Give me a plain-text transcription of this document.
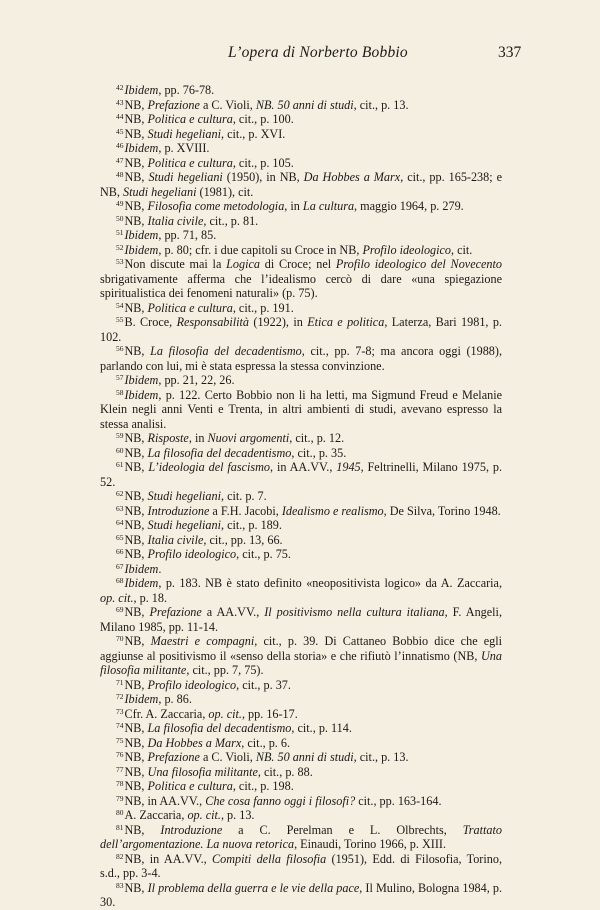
L’opera di Norberto Bobbio	337

$^{42}$Ibidem, pp. 76-78.

$^{43}$NB, Prefazione a C. Violi, NB. 50 anni di studi, cit., p. 13.

$^{44}$NB, Politica e cultura, cit., p. 100.

$^{45}$NB, Studi hegeliani, cit., p. XVI.

$^{46}$Ibidem, p. XVIII.

$^{47}$NB, Politica e cultura, cit., p. 105.

$^{48}$NB, Studi hegeliani (1950), in NB, Da Hobbes a Marx, cit., pp. 165-238; e NB, Studi hegeliani (1981), cit.

$^{49}$NB, Filosofia come metodologia, in La cultura, maggio 1964, p. 279.

$^{50}$NB, Italia civile, cit., p. 81.

$^{51}$Ibidem, pp. 71, 85.

$^{52}$Ibidem, p. 80; cfr. i due capitoli su Croce in NB, Profilo ideologico, cit.

$^{53}$Non discute mai la Logica di Croce; nel Profilo ideologico del Novecento sbrigativamente afferma che l’idealismo cercò di dare «una spiegazione spiritualistica dei fenomeni naturali» (p. 75).

$^{54}$NB, Politica e cultura, cit., p. 191.

$^{55}$B. Croce, Responsabilità (1922), in Etica e politica, Laterza, Bari 1981, p. 102.

$^{56}$NB, La filosofia del decadentismo, cit., pp. 7-8; ma ancora oggi (1988), parlando con lui, mi è stata espressa la stessa convinzione.

$^{57}$Ibidem, pp. 21, 22, 26.

$^{58}$Ibidem, p. 122. Certo Bobbio non li ha letti, ma Sigmund Freud e Melanie Klein negli anni Venti e Trenta, in altri ambienti di studi, avevano espresso la stessa analisi.

$^{59}$NB, Risposte, in Nuovi argomenti, cit., p. 12.

$^{60}$NB, La filosofia del decadentismo, cit., p. 35.

$^{61}$NB, L’ideologia del fascismo, in AA.VV., 1945, Feltrinelli, Milano 1975, p. 52.

$^{62}$NB, Studi hegeliani, cit. p. 7.

$^{63}$NB, Introduzione a F.H. Jacobi, Idealismo e realismo, De Silva, Torino 1948.

$^{64}$NB, Studi hegeliani, cit., p. 189.

$^{65}$NB, Italia civile, cit., pp. 13, 66.

$^{66}$NB, Profilo ideologico, cit., p. 75.

$^{67}$Ibidem.

$^{68}$Ibidem, p. 183. NB è stato definito «neopositivista logico» da A. Zaccaria, op. cit., p. 18.

$^{69}$NB, Prefazione a AA.VV., Il positivismo nella cultura italiana, F. Angeli, Milano 1985, pp. 11-14.

$^{70}$NB, Maestri e compagni, cit., p. 39. Di Cattaneo Bobbio dice che egli aggiunse al positivismo il «senso della storia» e che rifiutò l’innatismo (NB, Una filosofia militante, cit., pp. 7, 75).

$^{71}$NB, Profilo ideologico, cit., p. 37.

$^{72}$Ibidem, p. 86.

$^{73}$Cfr. A. Zaccaria, op. cit., pp. 16-17.

$^{74}$NB, La filosofia del decadentismo, cit., p. 114.

$^{75}$NB, Da Hobbes a Marx, cit., p. 6.

$^{76}$NB, Prefazione a C. Violi, NB. 50 anni di studi, cit., p. 13.

$^{77}$NB, Una filosofia militante, cit., p. 88.

$^{78}$NB, Politica e cultura, cit., p. 198.

$^{79}$NB, in AA.VV., Che cosa fanno oggi i filosofi? cit., pp. 163-164.

$^{80}$A. Zaccaria, op. cit., p. 13.

$^{81}$NB, Introduzione a C. Perelman e L. Olbrechts, Trattato dell’argomentazione. La nuova retorica, Einaudi, Torino 1966, p. XIII.

$^{82}$NB, in AA.VV., Compiti della filosofia (1951), Edd. di Filosofia, Torino, s.d., pp. 3-4.

$^{83}$NB, Il problema della guerra e le vie della pace, Il Mulino, Bologna 1984, p. 30.
